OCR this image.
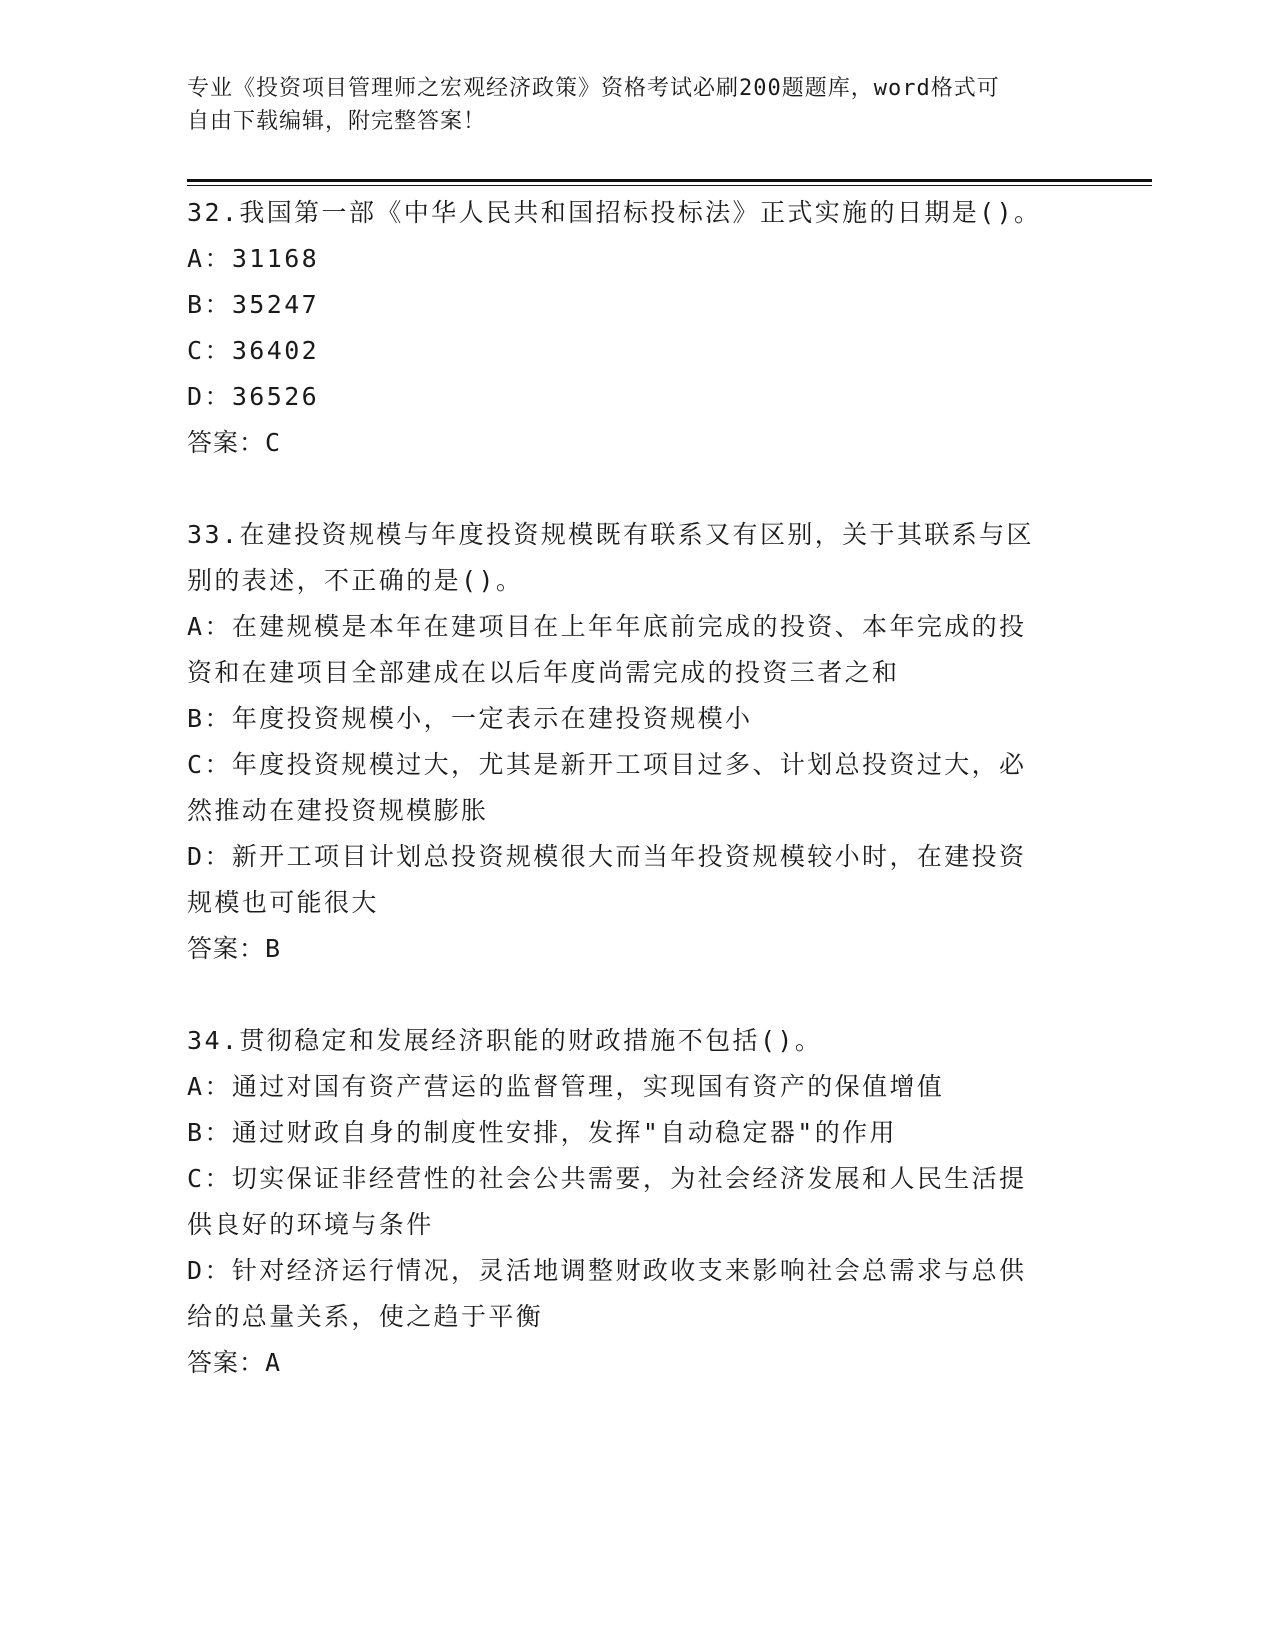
专业《投资项目管理师之宏观经济政策》资格考试必刷200题题库，word格式可
自由下载编辑，附完整答案！
32.我国第一部《中华人民共和国招标投标法》正式实施的日期是()。
A：31168
B：35247
C：36402
D：36526
答案：C
33.在建投资规模与年度投资规模既有联系又有区别，关于其联系与区
别的表述，不正确的是()。
A：在建规模是本年在建项目在上年年底前完成的投资、本年完成的投
资和在建项目全部建成在以后年度尚需完成的投资三者之和
B：年度投资规模小，一定表示在建投资规模小
C：年度投资规模过大，尤其是新开工项目过多、计划总投资过大，必
然推动在建投资规模膨胀
D：新开工项目计划总投资规模很大而当年投资规模较小时，在建投资
规模也可能很大
答案：B
34.贯彻稳定和发展经济职能的财政措施不包括()。
A：通过对国有资产营运的监督管理，实现国有资产的保值增值
B：通过财政自身的制度性安排，发挥"自动稳定器"的作用
C：切实保证非经营性的社会公共需要，为社会经济发展和人民生活提
供良好的环境与条件
D：针对经济运行情况，灵活地调整财政收支来影响社会总需求与总供
给的总量关系，使之趋于平衡
答案：A
